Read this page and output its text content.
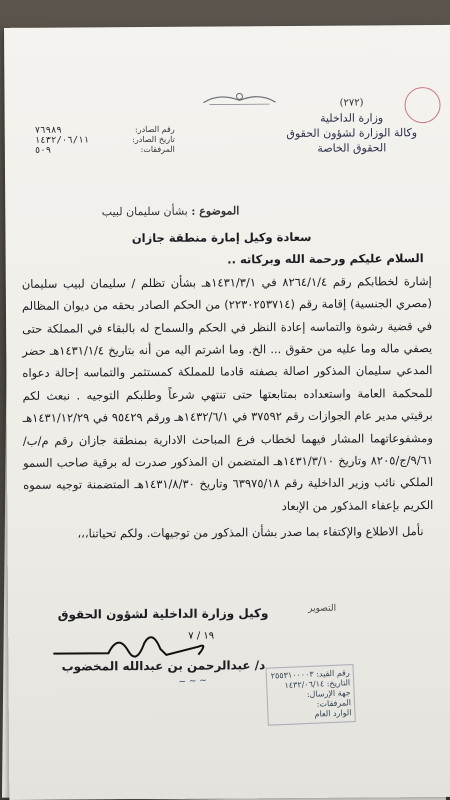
(٢٧٢)
وزارة الداخلية
وكالة الوزارة لشؤون الحقوق
الحقوق الخاصة
رقم الصادر:
٧٦٩٨٩
تاريخ الصادر:
١٤٣٢/٠٦/١١
المرفقات:
٥٠٩
الموضوع : بشأن سليمان لبيب

سعادة وكيل إمارة منطقة جازان

السلام عليكم ورحمة الله وبركاته ..

إشارة لخطابكم رقم ٨٢٦٤/١/٤ في ١٤٣١/٣/١هـ بشأن تظلم / سليمان لبيب سليمان (مصري الجنسية) إقامة رقم (٢٢٣٠٢٥٣٧١٤) من الحكم الصادر بحقه من ديوان المظالم في قضية رشوة والتماسه إعادة النظر في الحكم والسماح له بالبقاء في المملكة حتى يصفي ماله وما عليه من حقوق ... الخ. وما اشرتم اليه من أنه بتاريخ ١٤٣١/١/٤هـ حضر المدعي سليمان المذكور اصالة بصفته قادما للمملكة كمستثمر والتماسه إحالة دعواه للمحكمة العامة واستعداده بمتابعتها حتى تنتهي شرعاً وطلبكم التوجيه . نبعث لكم برقيتي مدير عام الجوازات رقم ٣٧٥٩٢ في ١٤٣٢/٦/١هـ ورقم ٩٥٤٢٩ في ١٤٣١/١٢/٢٩هـ ومشفوعاتهما المشار فيهما لخطاب فرع المباحث الادارية بمنطقة جازان رقم م/ب/٩/٦١/ج/٨٢٠٥ وتاريخ ١٤٣١/٣/١٠هـ المتضمن ان المذكور صدرت له برقية صاحب السمو الملكي نائب وزير الداخلية رقم ٦٣٩٧٥/١٨ وتاريخ ١٤٣١/٨/٣٠هـ المتضمنة توجيه سموه الكريم بإعفاء المذكور من الإبعاد

نأمل الاطلاع والإكتفاء بما صدر بشأن المذكور من توجيهات. ولكم تحياتنا،،،

التصوير
وكيل وزارة الداخلية لشؤون الحقوق
د/ عبدالرحمن بن عبدالله المخضوب
١٩ / ٧
~ ~ ~
رقم القيد: ٢٥٥٣١٠٠٠٠٣
التاريخ: ١٤٣٢/٠٦/١٤
جهة الإرسال:
المرفقات:
الوارد العام
